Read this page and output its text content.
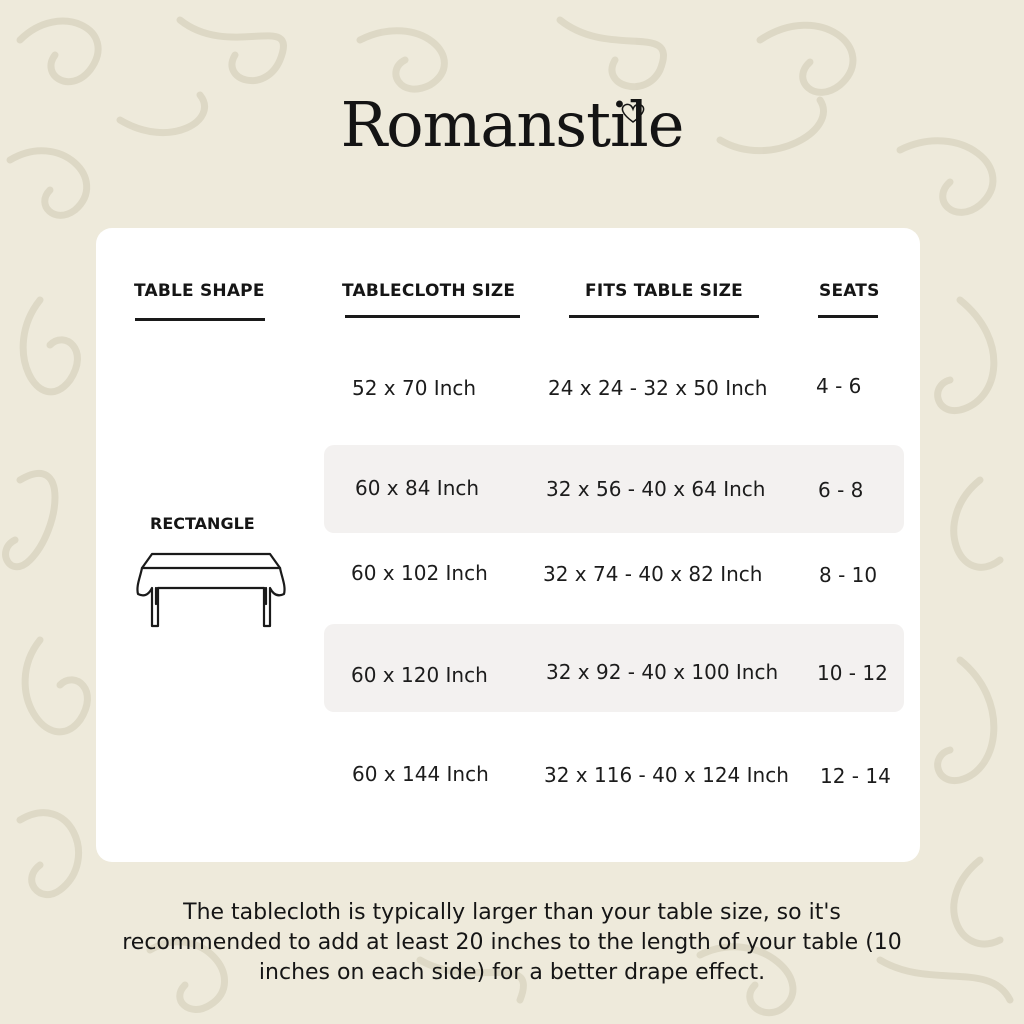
Romanstile
TABLE SHAPE	TABLECLOTH SIZE	FITS TABLE SIZE	SEATS
RECTANGLE
52 x 70 Inch	24 x 24 - 32 x 50 Inch 4 - 6
60 x 84 Inch	32 x 56 - 40 x 64 Inch	6 - 8
60 x 102 Inch	32 x 74 - 40 x 82 Inch	8 - 10
60 x 120 Inch	32 x 92 - 40 x 100 Inch 10 - 12
60 x 144 Inch	32 x 116 - 40 x 124 Inch 12 - 14
The tablecloth is typically larger than your table size, so it's recommended to add at least 20 inches to the length of your table (10 inches on each side) for a better drape effect.
